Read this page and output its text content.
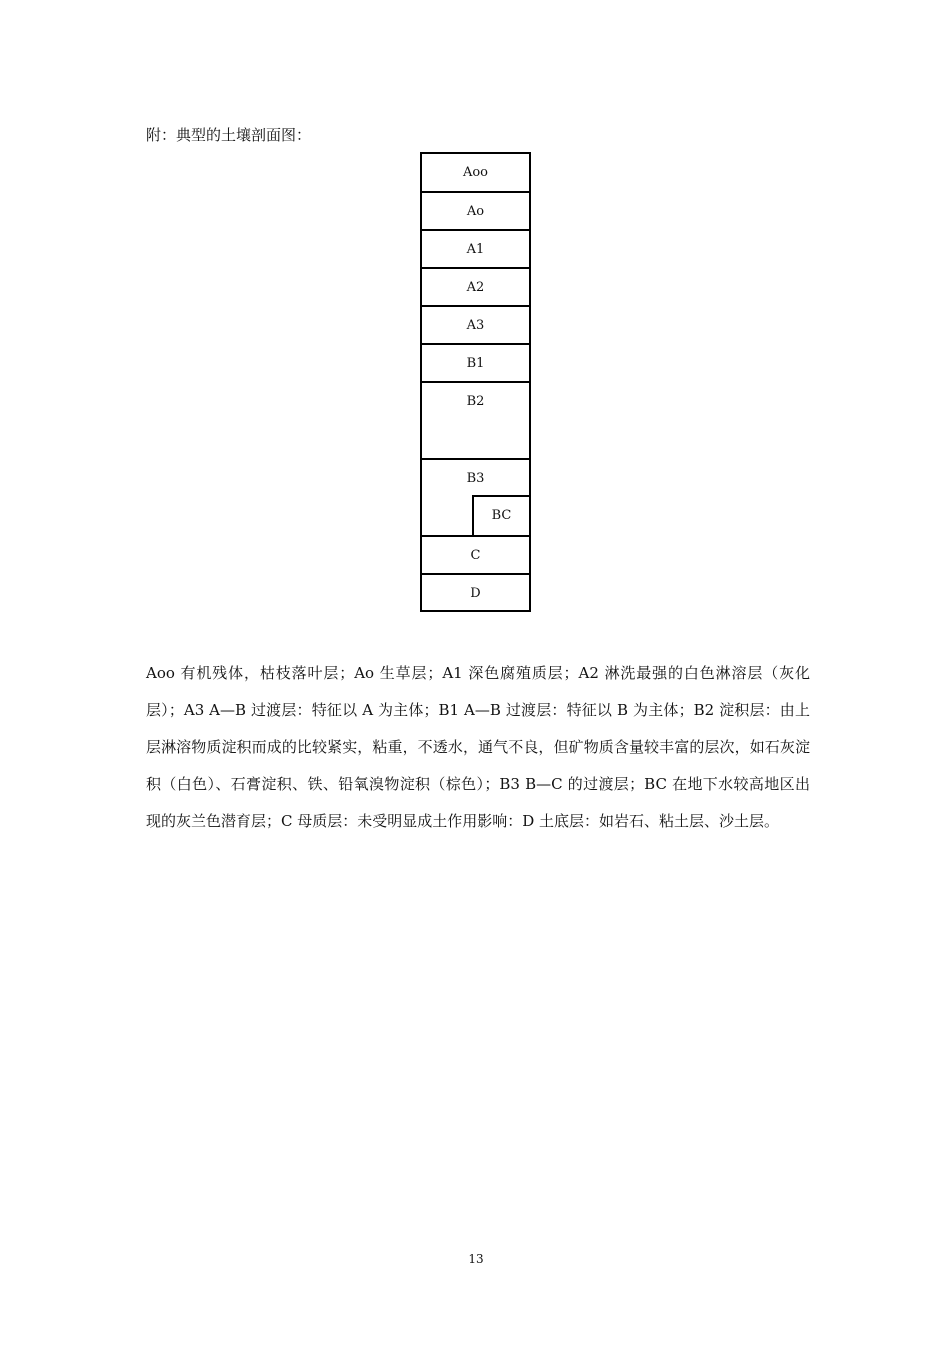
附：典型的土壤剖面图：
Aoo
Ao
A1
A2
A3
B1
B2
B3
BC
C
D

Aoo 有机残体，枯枝落叶层；Ao 生草层；A1 深色腐殖质层；A2 淋洗最强的白色淋溶层（灰化层）；A3 A—B 过渡层：特征以 A 为主体；B1 A—B 过渡层：特征以 B 为主体；B2 淀积层：由上层淋溶物质淀积而成的比较紧实，粘重，不透水，通气不良，但矿物质含量较丰富的层次，如石灰淀积（白色）、石膏淀积、铁、铅氧溴物淀积（棕色）；B3 B—C 的过渡层；BC 在地下水较高地区出现的灰兰色潜育层；C 母质层：未受明显成土作用影响：D 土底层：如岩石、粘土层、沙土层。

13
